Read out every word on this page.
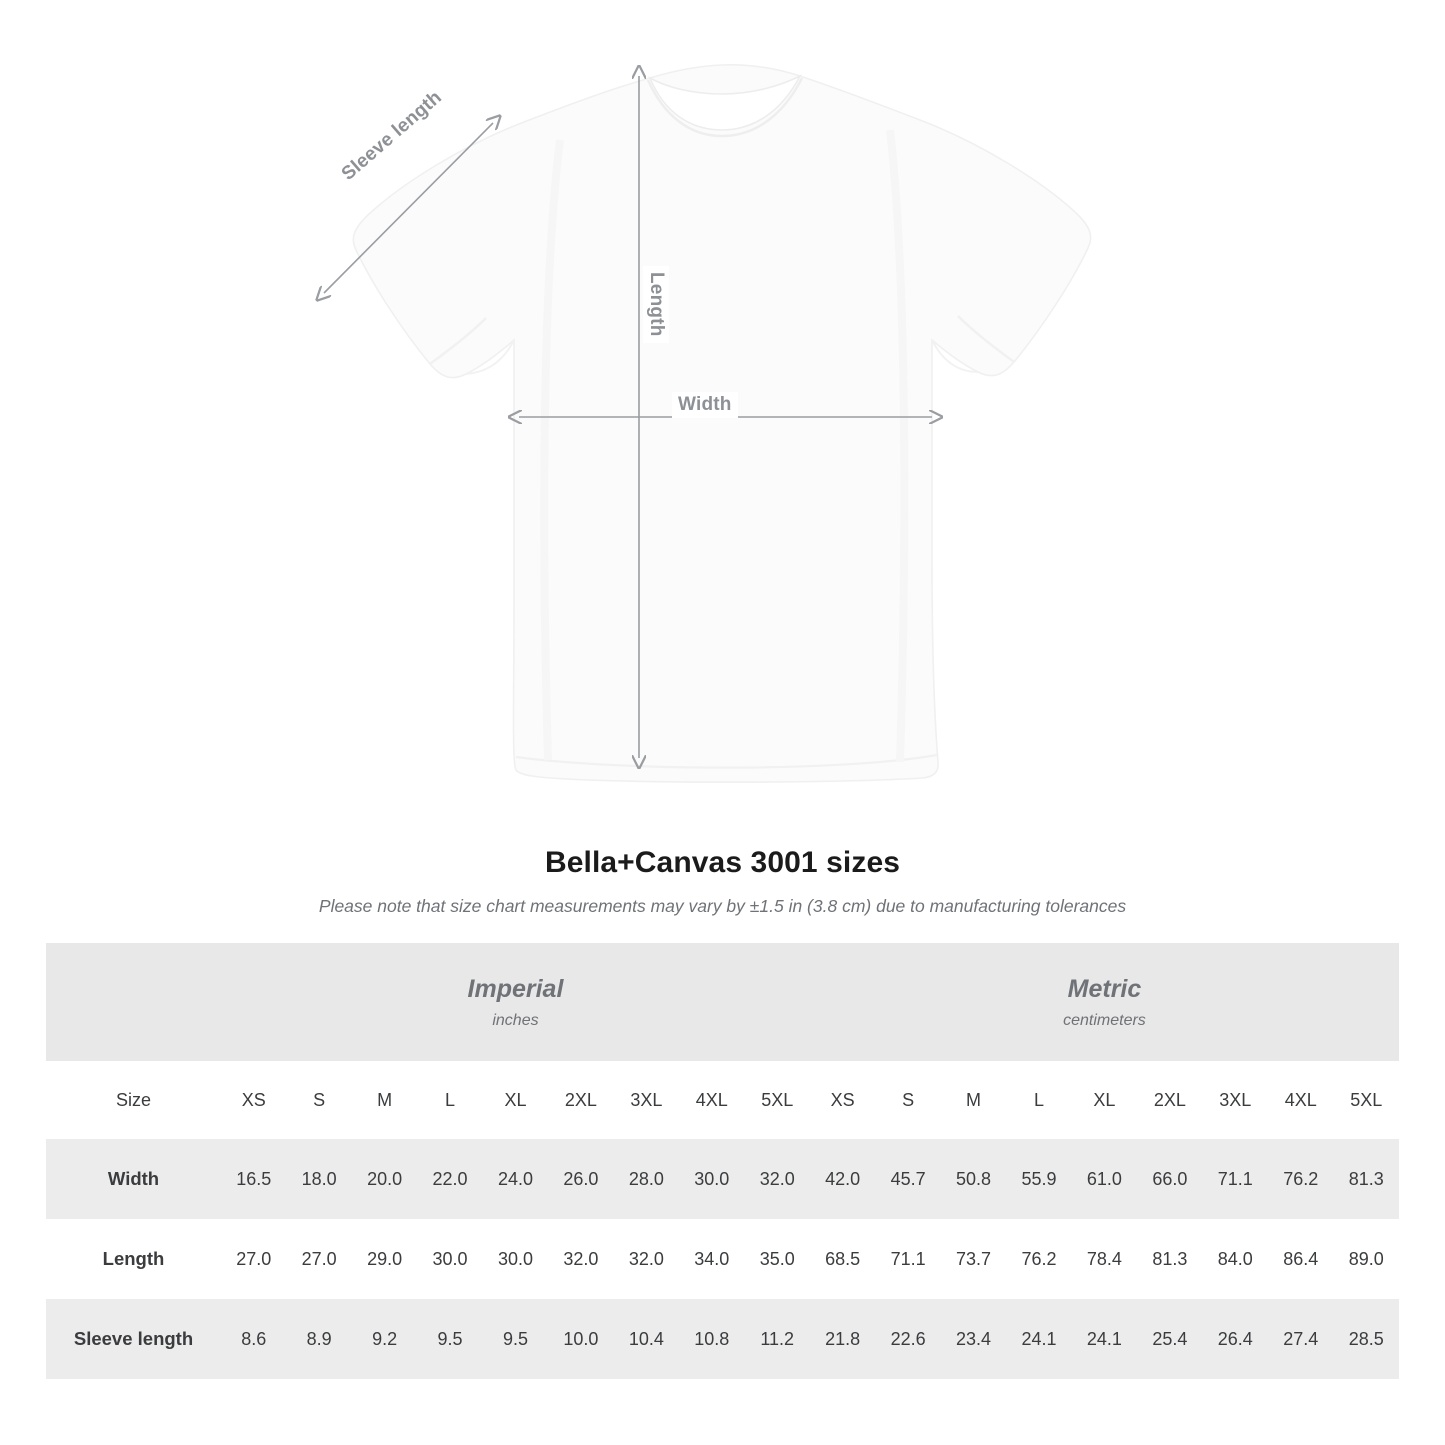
Width
Length
Sleeve length
Bella+Canvas 3001 sizes
Please note that size chart measurements may vary by ±1.5 in (3.8 cm) due to manufacturing tolerances

Imperial
inches

Metric
centimeters

Size	XS	S	M	L	XL	2XL	3XL	4XL	5XL	XS	S	M	L	XL	2XL	3XL	4XL	5XL
Width	16.5	18.0	20.0	22.0	24.0	26.0	28.0	30.0	32.0	42.0	45.7	50.8	55.9	61.0	66.0	71.1	76.2	81.3
Length	27.0	27.0	29.0	30.0	30.0	32.0	32.0	34.0	35.0	68.5	71.1	73.7	76.2	78.4	81.3	84.0	86.4	89.0
Sleeve length	8.6	8.9	9.2	9.5	9.5	10.0	10.4	10.8	11.2	21.8	22.6	23.4	24.1	24.1	25.4	26.4	27.4	28.5
